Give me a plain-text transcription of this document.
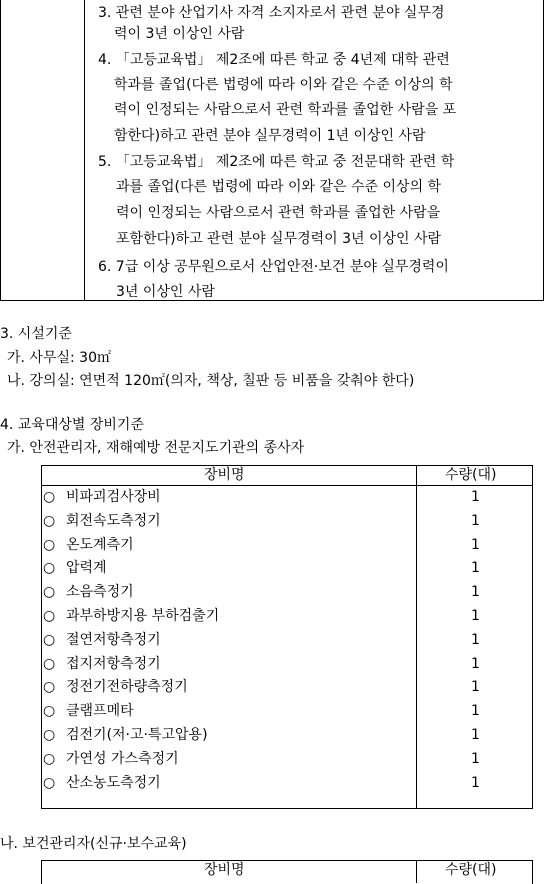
3. 관련 분야 산업기사 자격 소지자로서 관련 분야 실무경
력이 3년 이상인 사람
4. 「고등교육법」 제2조에 따른 학교 중 4년제 대학 관련
학과를 졸업(다른 법령에 따라 이와 같은 수준 이상의 학
력이 인정되는 사람으로서 관련 학과를 졸업한 사람을 포
함한다)하고 관련 분야 실무경력이 1년 이상인 사람
5. 「고등교육법」 제2조에 따른 학교 중 전문대학 관련 학
과를 졸업(다른 법령에 따라 이와 같은 수준 이상의 학
력이 인정되는 사람으로서 관련 학과를 졸업한 사람을
포함한다)하고 관련 분야 실무경력이 3년 이상인 사람
6. 7급 이상 공무원으로서 산업안전·보건 분야 실무경력이
3년 이상인 사람
3. 시설기준
가. 사무실: 30㎡
나. 강의실: 연면적 120㎡(의자, 책상, 칠판 등 비품을 갖춰야 한다)
4. 교육대상별 장비기준
가. 안전관리자, 재해예방 전문지도기관의 종사자
장비명	수량(대)
○ 비파괴검사장비	1
○ 회전속도측정기	1
○ 온도계측기	1
○ 압력계	1
○ 소음측정기	1
○ 과부하방지용 부하검출기	1
○ 절연저항측정기	1
○ 접지저항측정기	1
○ 정전기전하량측정기	1
○ 클램프메타	1
○ 검전기(저·고·특고압용)	1
○ 가연성 가스측정기	1
○ 산소농도측정기	1
나. 보건관리자(신규·보수교육)
장비명	수량(대)
